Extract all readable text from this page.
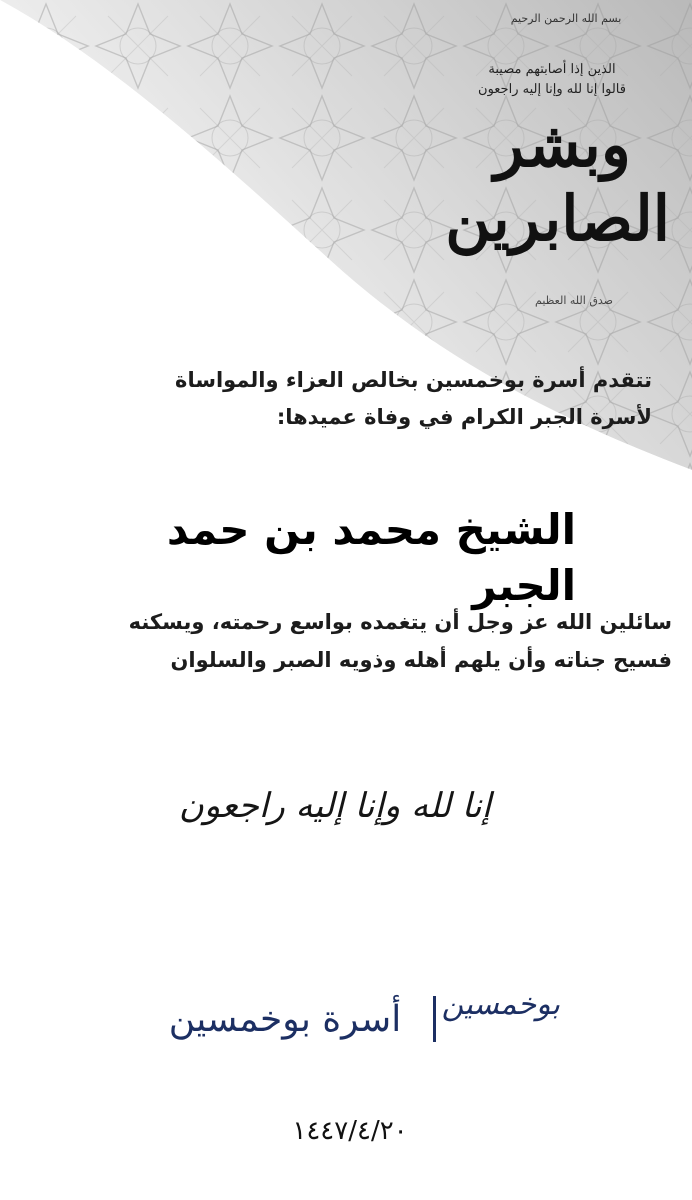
بسم الله الرحمن الرحيم
الذين إذا أصابتهم مصيبة
قالوا إنا لله وإنا إليه راجعون
وبشر الصابرين
صدق الله العظيم

تتقدم أسرة بوخمسين بخالص العزاء والمواساة

لأسرة الجبر الكرام في وفاة عميدها:

الشيخ محمد بن حمد الجبر

سائلين الله عز وجل أن يتغمده بواسع رحمته، ويسكنه

فسيح جناته وأن يلهم أهله وذويه الصبر والسلوان

إنا لله وإنا إليه راجعون
بوخمسين
أسرة بوخمسين
١٤٤٧/٤/٢٠
